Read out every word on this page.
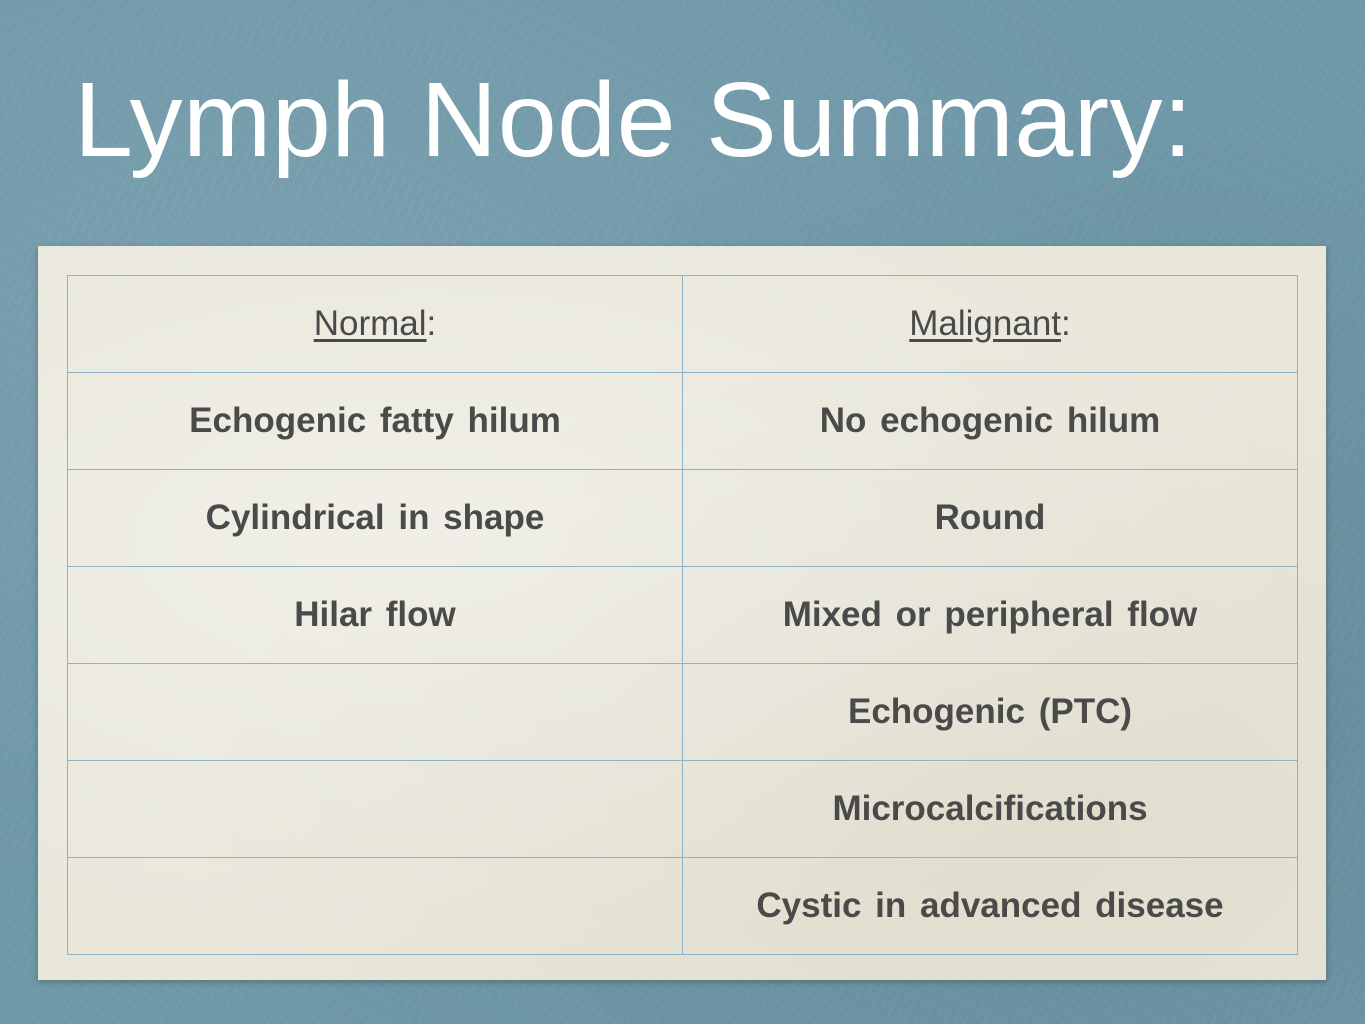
Lymph Node Summary:
Normal:	Malignant:
Echogenic fatty hilum	No echogenic hilum
Cylindrical in shape	Round
Hilar flow	Mixed or peripheral flow
	Echogenic (PTC)
	Microcalcifications
	Cystic in advanced disease
